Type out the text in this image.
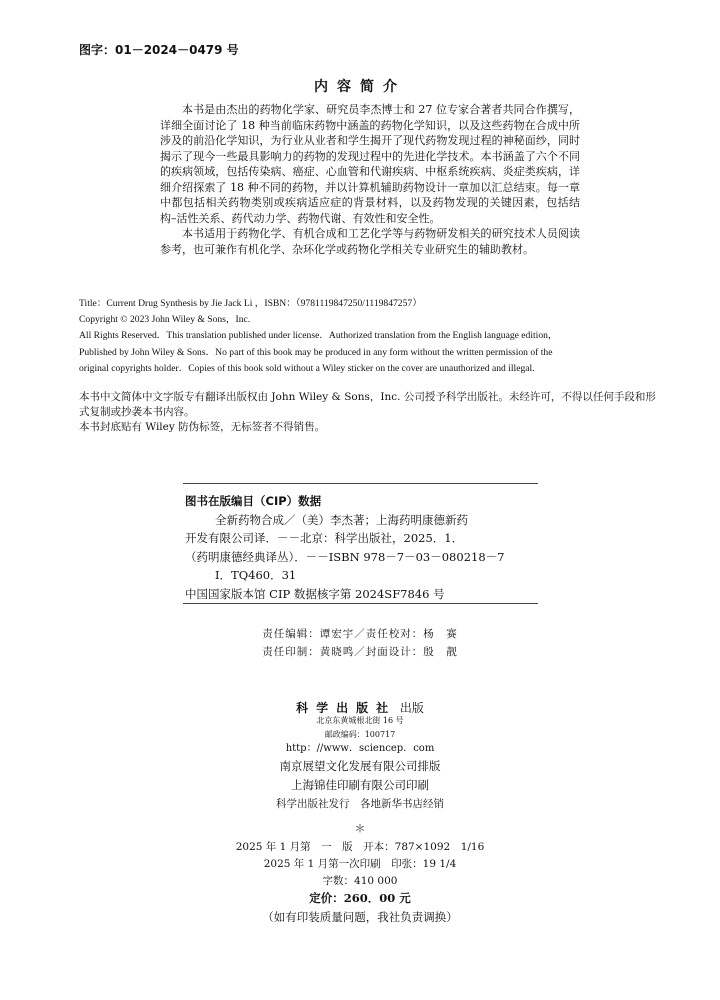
图字：01－2024－0479 号
内容简介

本书是由杰出的药物化学家、研究员李杰博士和 27 位专家合著者共同合作撰写，详细全面讨论了 18 种当前临床药物中涵盖的药物化学知识，以及这些药物在合成中所涉及的前沿化学知识，为行业从业者和学生揭开了现代药物发现过程的神秘面纱，同时揭示了现今一些最具影响力的药物的发现过程中的先进化学技术。本书涵盖了六个不同的疾病领域，包括传染病、癌症、心血管和代谢疾病、中枢系统疾病、炎症类疾病，详细介绍探索了 18 种不同的药物，并以计算机辅助药物设计一章加以汇总结束。每一章中都包括相关药物类别或疾病适应症的背景材料，以及药物发现的关键因素，包括结构–活性关系、药代动力学、药物代谢、有效性和安全性。

本书适用于药物化学、有机合成和工艺化学等与药物研发相关的研究技术人员阅读参考，也可兼作有机化学、杂环化学或药物化学相关专业研究生的辅助教材。

Title：Current Drug Synthesis by Jie Jack Li ，ISBN：（9781119847250/1119847257）
Copyright © 2023 John Wiley & Sons，Inc.
All Rights Reserved．This translation published under license．Authorized translation from the English language edition，
Published by John Wiley & Sons．No part of this book may be produced in any form without the written permission of the
original copyrights holder．Copies of this book sold without a Wiley sticker on the cover are unauthorized and illegal.

本书中文简体中文字版专有翻译出版权由 John Wiley & Sons，Inc. 公司授予科学出版社。未经许可，不得以任何手段和形式复制或抄袭本书内容。

本书封底贴有 Wiley 防伪标签，无标签者不得销售。

图书在版编目（CIP）数据
全新药物合成／（美）李杰著；上海药明康德新药
开发有限公司译．－－北京：科学出版社，2025．1．
（药明康德经典译丛）．－－ISBN 978－7－03－080218－7
Ⅰ．TQ460．31
中国国家版本馆 CIP 数据核字第 2024SF7846 号
责任编辑：谭宏宇／责任校对：杨　赛
责任印制：黄晓鸣／封面设计：殷　靓
科学出版社 出版
北京东黄城根北街 16 号
邮政编码：100717
http：//www．sciencep．com
南京展望文化发展有限公司排版
上海锦佳印刷有限公司印刷
科学出版社发行　各地新华书店经销
＊
2025 年 1 月第　一　版　开本：787×1092　1/16
2025 年 1 月第一次印刷　印张：19 1/4
字数：410 000
定价：260．00 元
（如有印装质量问题，我社负责调换）
